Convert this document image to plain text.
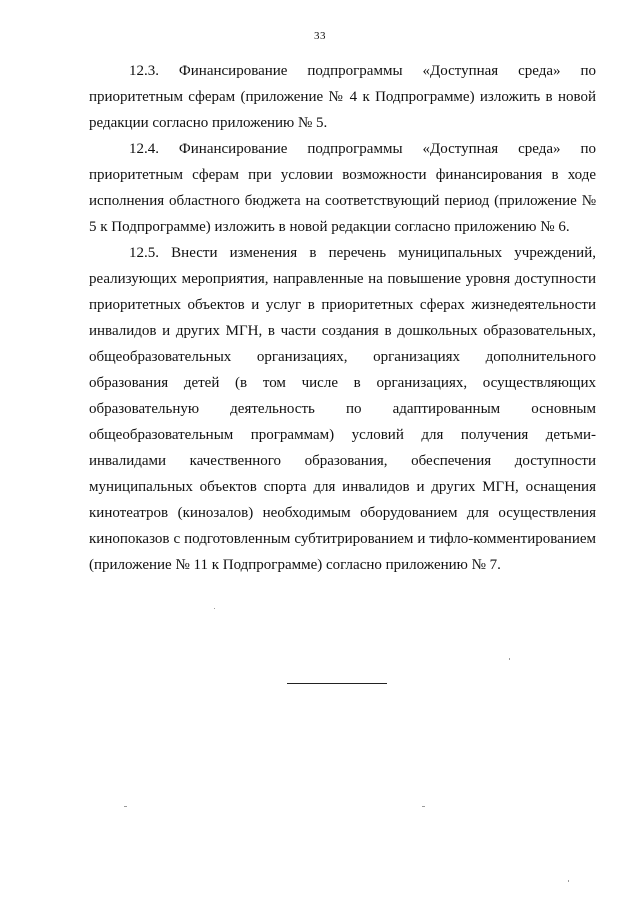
33

12.3. Финансирование подпрограммы «Доступная среда» по приоритетным сферам (приложение № 4 к Подпрограмме) изложить в новой редакции согласно приложению № 5.

12.4. Финансирование подпрограммы «Доступная среда» по приоритетным сферам при условии возможности финансирования в ходе исполнения областного бюджета на соответствующий период (приложение № 5 к Подпрограмме) изложить в новой редакции согласно приложению № 6.

12.5. Внести изменения в перечень муниципальных учреждений, реализующих мероприятия, направленные на повышение уровня доступности приоритетных объектов и услуг в приоритетных сферах жизнедеятельности инвалидов и других МГН, в части создания в дошкольных образовательных, общеобразовательных организациях, организациях дополнительного образования детей (в том числе в организациях, осуществляющих образовательную деятельность по адаптированным основным общеобразовательным программам) условий для получения детьми-инвалидами качественного образования, обеспечения доступности муниципальных объектов спорта для инвалидов и других МГН, оснащения кинотеатров (кинозалов) необходимым оборудованием для осуществления кинопоказов с подготовленным субтитрированием и тифло-комментированием (приложение № 11 к Подпрограмме) согласно приложению № 7.
